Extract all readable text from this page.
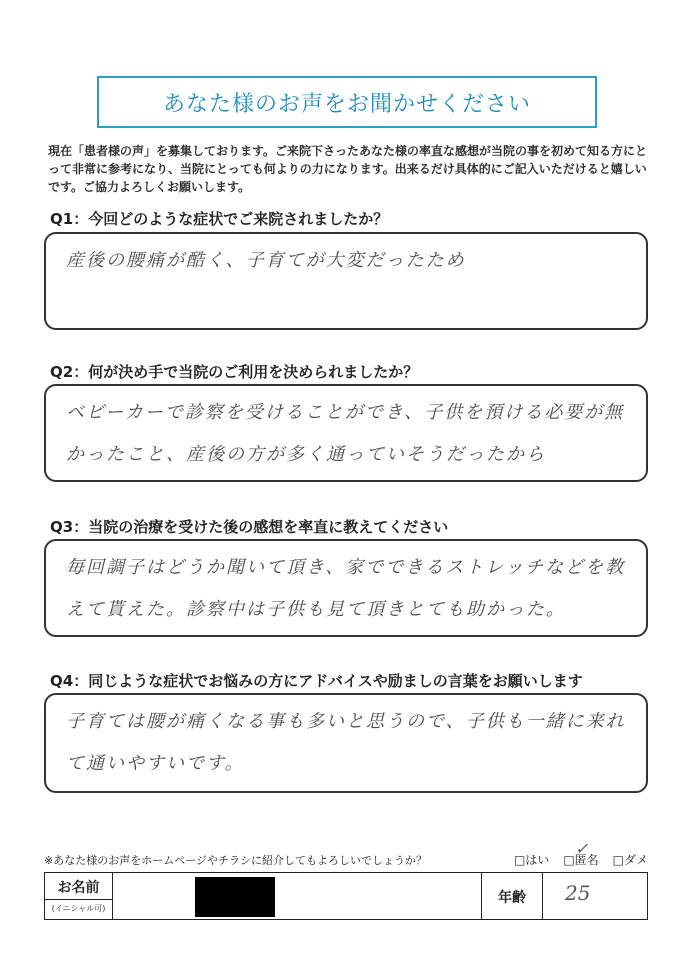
あなた様のお声をお聞かせください
現在「患者様の声」を募集しております。ご来院下さったあなた様の率直な感想が当院の事を初めて知る方にとって非常に参考になり、当院にとっても何よりの力になります。出来るだけ具体的にご記入いただけると嬉しいです。ご協力よろしくお願いします。
Q1：今回どのような症状でご来院されましたか？
産後の腰痛が酷く、子育てが大変だったため
Q2：何が決め手で当院のご利用を決められましたか？
ベビーカーで診察を受けることができ、子供を預ける必要が無かったこと、産後の方が多く通っていそうだったから
Q3：当院の治療を受けた後の感想を率直に教えてください
毎回調子はどうか聞いて頂き、家でできるストレッチなどを教えて貰えた。診察中は子供も見て頂きとても助かった。
Q4：同じような症状でお悩みの方にアドバイスや励ましの言葉をお願いします
子育ては腰が痛くなる事も多いと思うので、子供も一緒に来れて通いやすいです。
※あなた様のお声をホームページやチラシに紹介してもよろしいでしょうか？	□はい □匿名 □ダメ
✓
お名前
(イニシャル可)
年齢	25
